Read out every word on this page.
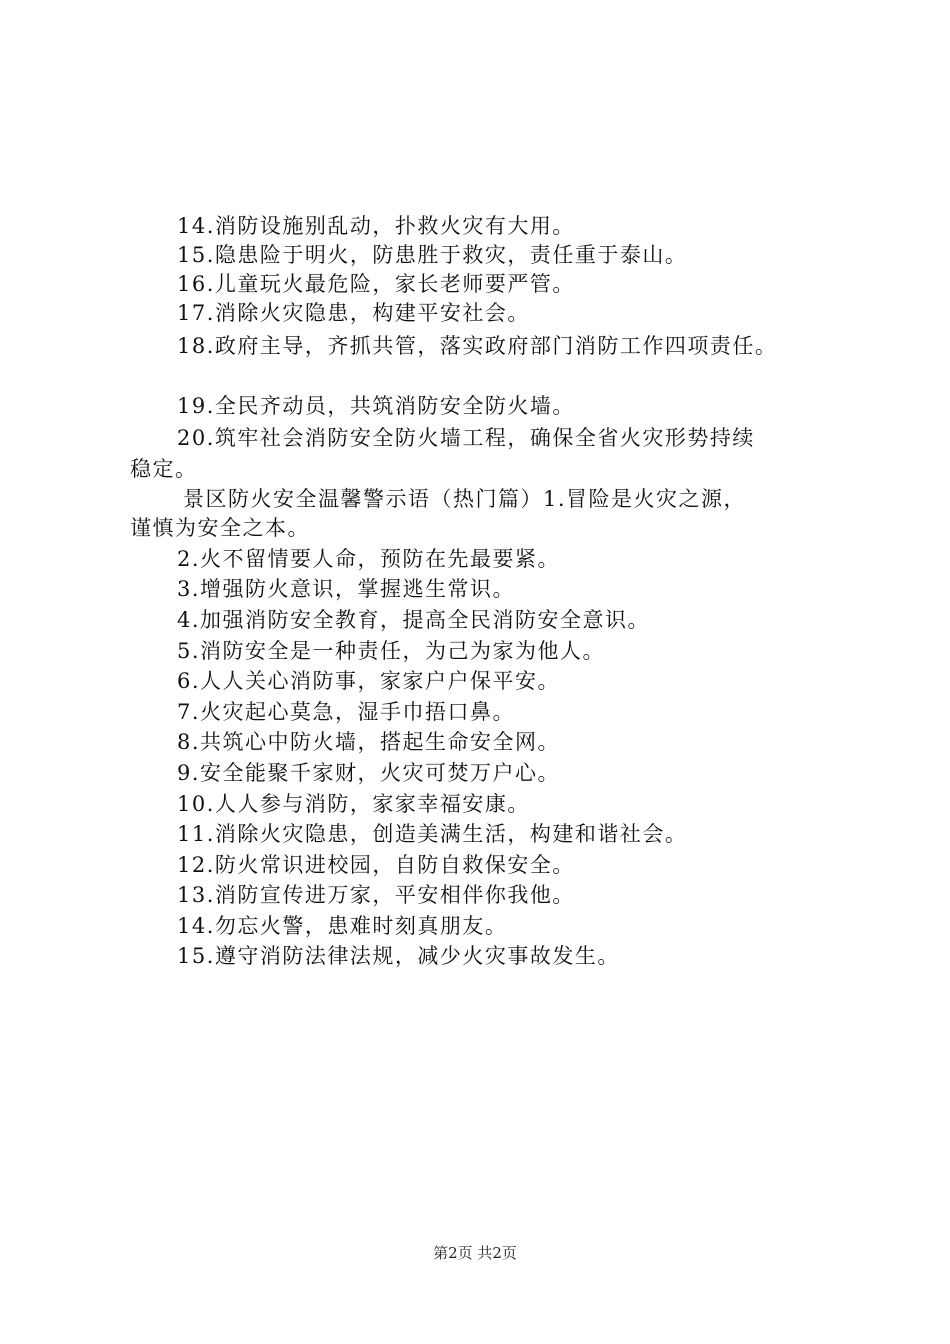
14.消防设施别乱动，扑救火灾有大用。
15.隐患险于明火，防患胜于救灾，责任重于泰山。
16.儿童玩火最危险，家长老师要严管。
17.消除火灾隐患，构建平安社会。
18.政府主导，齐抓共管，落实政府部门消防工作四项责任。
19.全民齐动员，共筑消防安全防火墙。
20.筑牢社会消防安全防火墙工程，确保全省火灾形势持续
稳定。
景区防火安全温馨警示语（热门篇）1.冒险是火灾之源，
谨慎为安全之本。
2.火不留情要人命，预防在先最要紧。
3.增强防火意识，掌握逃生常识。
4.加强消防安全教育，提高全民消防安全意识。
5.消防安全是一种责任，为己为家为他人。
6.人人关心消防事，家家户户保平安。
7.火灾起心莫急，湿手巾捂口鼻。
8.共筑心中防火墙，搭起生命安全网。
9.安全能聚千家财，火灾可焚万户心。
10.人人参与消防，家家幸福安康。
11.消除火灾隐患，创造美满生活，构建和谐社会。
12.防火常识进校园，自防自救保安全。
13.消防宣传进万家，平安相伴你我他。
14.勿忘火警，患难时刻真朋友。
15.遵守消防法律法规，减少火灾事故发生。
第2页 共2页
